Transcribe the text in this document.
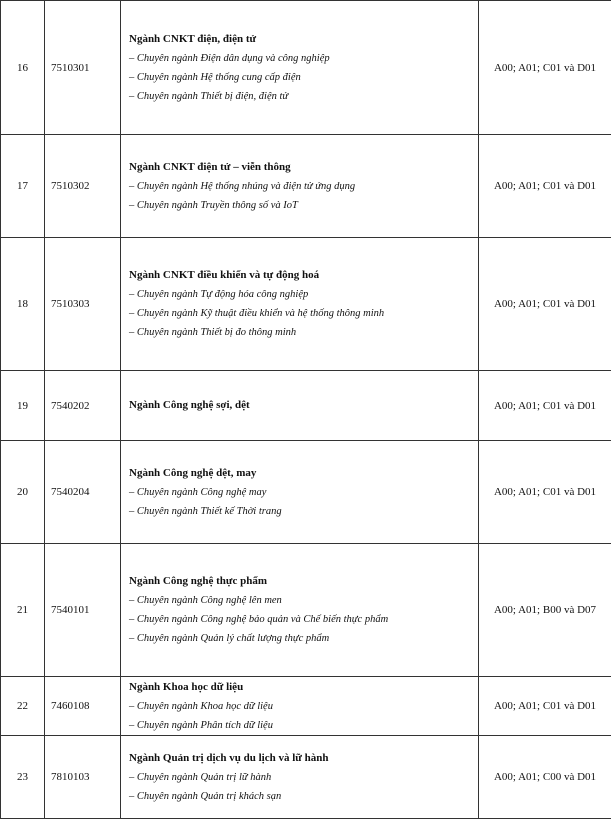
16	7510301	Ngành CNKT điện, điện tử
– Chuyên ngành Điện dân dụng và công nghiệp
– Chuyên ngành Hệ thống cung cấp điện
– Chuyên ngành Thiết bị điện, điện tử	A00; A01; C01 và D01
17	7510302	Ngành CNKT điện tử – viễn thông
– Chuyên ngành Hệ thống nhúng và điện tử ứng dụng
– Chuyên ngành Truyền thông số và IoT	A00; A01; C01 và D01
18	7510303	Ngành CNKT điều khiển và tự động hoá
– Chuyên ngành Tự động hóa công nghiệp
– Chuyên ngành Kỹ thuật điều khiển và hệ thống thông minh
– Chuyên ngành Thiết bị đo thông minh	A00; A01; C01 và D01
19	7540202	Ngành Công nghệ sợi, dệt	A00; A01; C01 và D01
20	7540204	Ngành Công nghệ dệt, may
– Chuyên ngành Công nghệ may
– Chuyên ngành Thiết kế Thời trang	A00; A01; C01 và D01
21	7540101	Ngành Công nghệ thực phẩm
– Chuyên ngành Công nghệ lên men
– Chuyên ngành Công nghệ bảo quản và Chế biến thực phẩm
– Chuyên ngành Quản lý chất lượng thực phẩm	A00; A01; B00 và D07
22	7460108	Ngành Khoa học dữ liệu
– Chuyên ngành Khoa học dữ liệu
– Chuyên ngành Phân tích dữ liệu	A00; A01; C01 và D01
23	7810103	Ngành Quản trị dịch vụ du lịch và lữ hành
– Chuyên ngành Quản trị lữ hành
– Chuyên ngành Quản trị khách sạn	A00; A01; C00 và D01
